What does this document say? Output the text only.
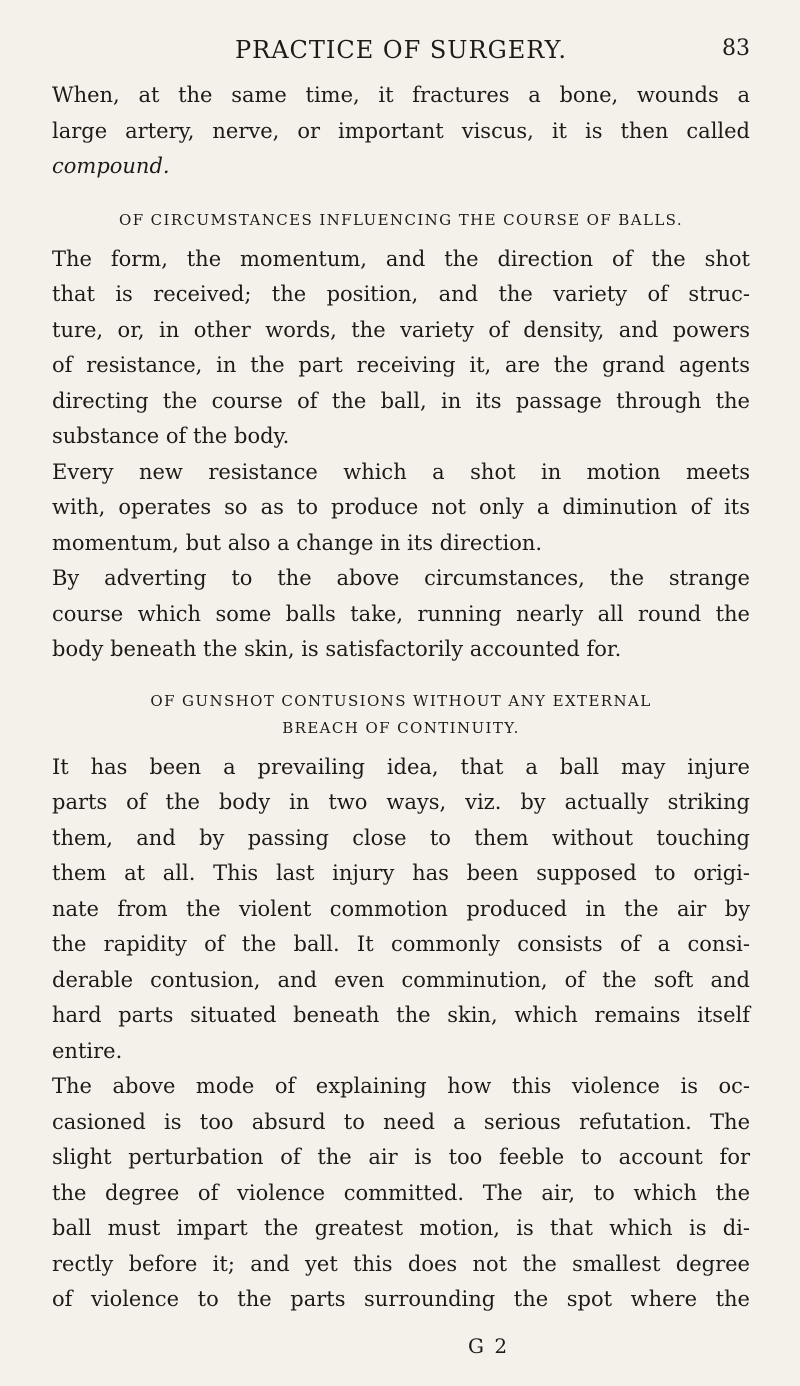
PRACTICE OF SURGERY.	83

When, at the same time, it fractures a bone, wounds a
large artery, nerve, or important viscus, it is then called
compound.

OF CIRCUMSTANCES INFLUENCING THE COURSE OF BALLS.

The form, the momentum, and the direction of the shot
that is received; the position, and the variety of struc-
ture, or, in other words, the variety of density, and powers
of resistance, in the part receiving it, are the grand agents
directing the course of the ball, in its passage through the
substance of the body.

Every new resistance which a shot in motion meets
with, operates so as to produce not only a diminution of its
momentum, but also a change in its direction.

By adverting to the above circumstances, the strange
course which some balls take, running nearly all round the
body beneath the skin, is satisfactorily accounted for.

OF GUNSHOT CONTUSIONS WITHOUT ANY EXTERNAL
BREACH OF CONTINUITY.

It has been a prevailing idea, that a ball may injure
parts of the body in two ways, viz. by actually striking
them, and by passing close to them without touching
them at all. This last injury has been supposed to origi-
nate from the violent commotion produced in the air by
the rapidity of the ball. It commonly consists of a consi-
derable contusion, and even comminution, of the soft and
hard parts situated beneath the skin, which remains itself
entire.

The above mode of explaining how this violence is oc-
casioned is too absurd to need a serious refutation. The
slight perturbation of the air is too feeble to account for
the degree of violence committed. The air, to which the
ball must impart the greatest motion, is that which is di-
rectly before it; and yet this does not the smallest degree
of violence to the parts surrounding the spot where the

G 2
